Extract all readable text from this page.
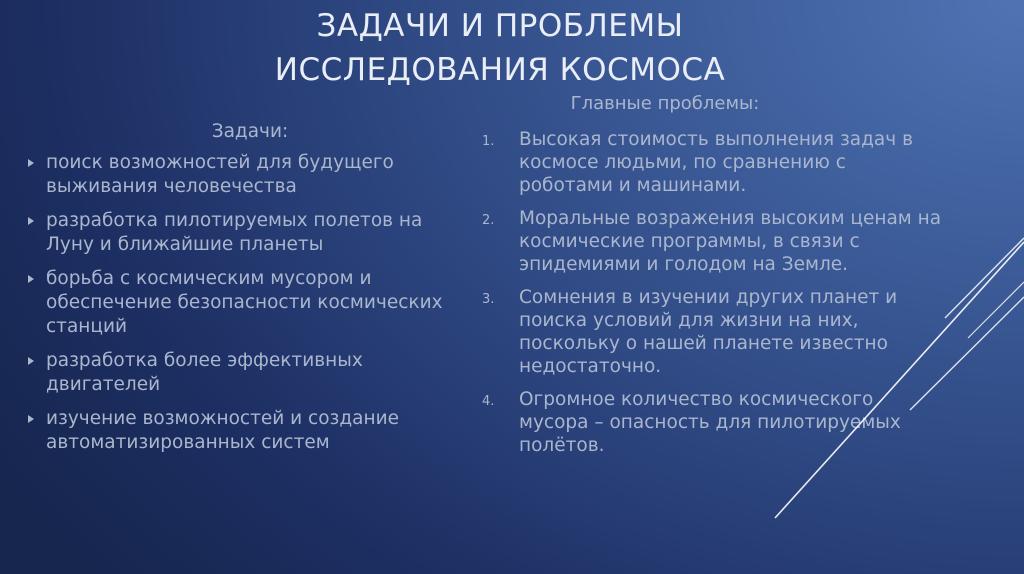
ЗАДАЧИ И ПРОБЛЕМЫ
ИССЛЕДОВАНИЯ КОСМОСА
Задачи:
поиск возможностей для будущего выживания человечества
разработка пилотируемых полетов на Луну и ближайшие планеты
борьба с космическим мусором и обеспечение безопасности космических станций
разработка более эффективных двигателей
изучение возможностей и создание автоматизированных систем
Главные проблемы:
1. Высокая стоимость выполнения задач в космосе людьми, по сравнению с роботами и машинами.
2. Моральные возражения высоким ценам на космические программы, в связи с эпидемиями и голодом на Земле.
3. Сомнения в изучении других планет и поиска условий для жизни на них, поскольку о нашей планете известно недостаточно.
4. Огромное количество космического мусора – опасность для пилотируемых полётов.
